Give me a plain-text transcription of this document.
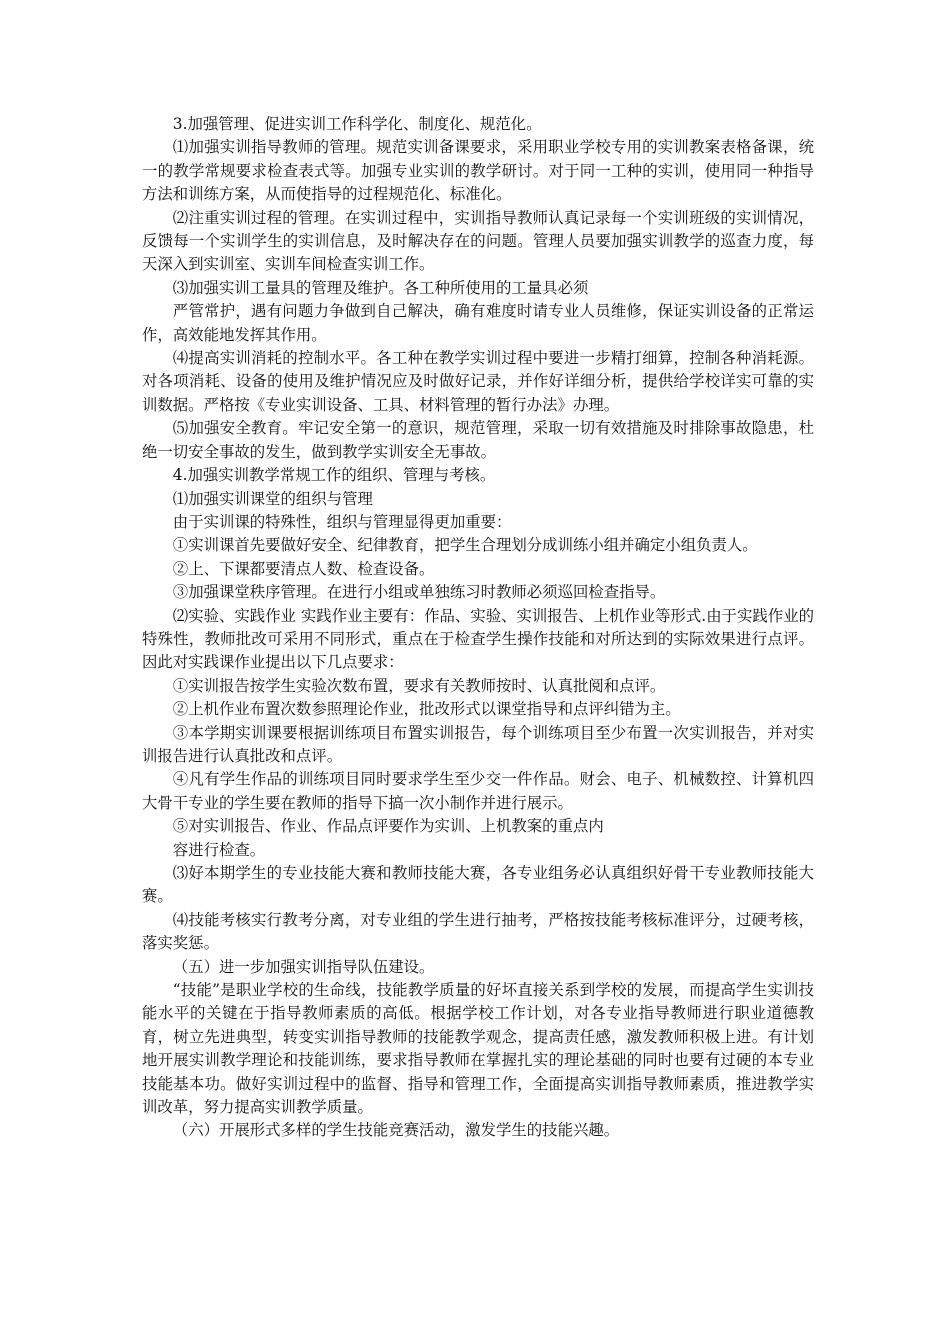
3.加强管理、促进实训工作科学化、制度化、规范化。

⑴加强实训指导教师的管理。规范实训备课要求，采用职业学校专用的实训教案表格备课，统一的教学常规要求检查表式等。加强专业实训的教学研讨。对于同一工种的实训，使用同一种指导方法和训练方案，从而使指导的过程规范化、标准化。

⑵注重实训过程的管理。在实训过程中，实训指导教师认真记录每一个实训班级的实训情况，反馈每一个实训学生的实训信息，及时解决存在的问题。管理人员要加强实训教学的巡查力度，每天深入到实训室、实训车间检查实训工作。

⑶加强实训工量具的管理及维护。各工种所使用的工量具必须

严管常护，遇有问题力争做到自己解决，确有难度时请专业人员维修，保证实训设备的正常运作，高效能地发挥其作用。

⑷提高实训消耗的控制水平。各工种在教学实训过程中要进一步精打细算，控制各种消耗源。对各项消耗、设备的使用及维护情况应及时做好记录，并作好详细分析，提供给学校详实可靠的实训数据。严格按《专业实训设备、工具、材料管理的暂行办法》办理。

⑸加强安全教育。牢记安全第一的意识，规范管理，采取一切有效措施及时排除事故隐患，杜绝一切安全事故的发生，做到教学实训安全无事故。

4.加强实训教学常规工作的组织、管理与考核。

⑴加强实训课堂的组织与管理

由于实训课的特殊性，组织与管理显得更加重要：

①实训课首先要做好安全、纪律教育，把学生合理划分成训练小组并确定小组负责人。

②上、下课都要清点人数、检查设备。

③加强课堂秩序管理。在进行小组或单独练习时教师必须巡回检查指导。

⑵实验、实践作业 实践作业主要有：作品、实验、实训报告、上机作业等形式.由于实践作业的特殊性，教师批改可采用不同形式，重点在于检查学生操作技能和对所达到的实际效果进行点评。因此对实践课作业提出以下几点要求：

①实训报告按学生实验次数布置，要求有关教师按时、认真批阅和点评。

②上机作业布置次数参照理论作业，批改形式以课堂指导和点评纠错为主。

③本学期实训课要根据训练项目布置实训报告，每个训练项目至少布置一次实训报告，并对实训报告进行认真批改和点评。

④凡有学生作品的训练项目同时要求学生至少交一件作品。财会、电子、机械数控、计算机四大骨干专业的学生要在教师的指导下搞一次小制作并进行展示。

⑤对实训报告、作业、作品点评要作为实训、上机教案的重点内

容进行检查。

⑶好本期学生的专业技能大赛和教师技能大赛，各专业组务必认真组织好骨干专业教师技能大赛。

⑷技能考核实行教考分离，对专业组的学生进行抽考，严格按技能考核标准评分，过硬考核，落实奖惩。

（五）进一步加强实训指导队伍建设。

“技能”是职业学校的生命线，技能教学质量的好坏直接关系到学校的发展，而提高学生实训技能水平的关键在于指导教师素质的高低。根据学校工作计划，对各专业指导教师进行职业道德教育，树立先进典型，转变实训指导教师的技能教学观念，提高责任感，激发教师积极上进。有计划地开展实训教学理论和技能训练，要求指导教师在掌握扎实的理论基础的同时也要有过硬的本专业技能基本功。做好实训过程中的监督、指导和管理工作，全面提高实训指导教师素质，推进教学实训改革，努力提高实训教学质量。

（六）开展形式多样的学生技能竞赛活动，激发学生的技能兴趣。
